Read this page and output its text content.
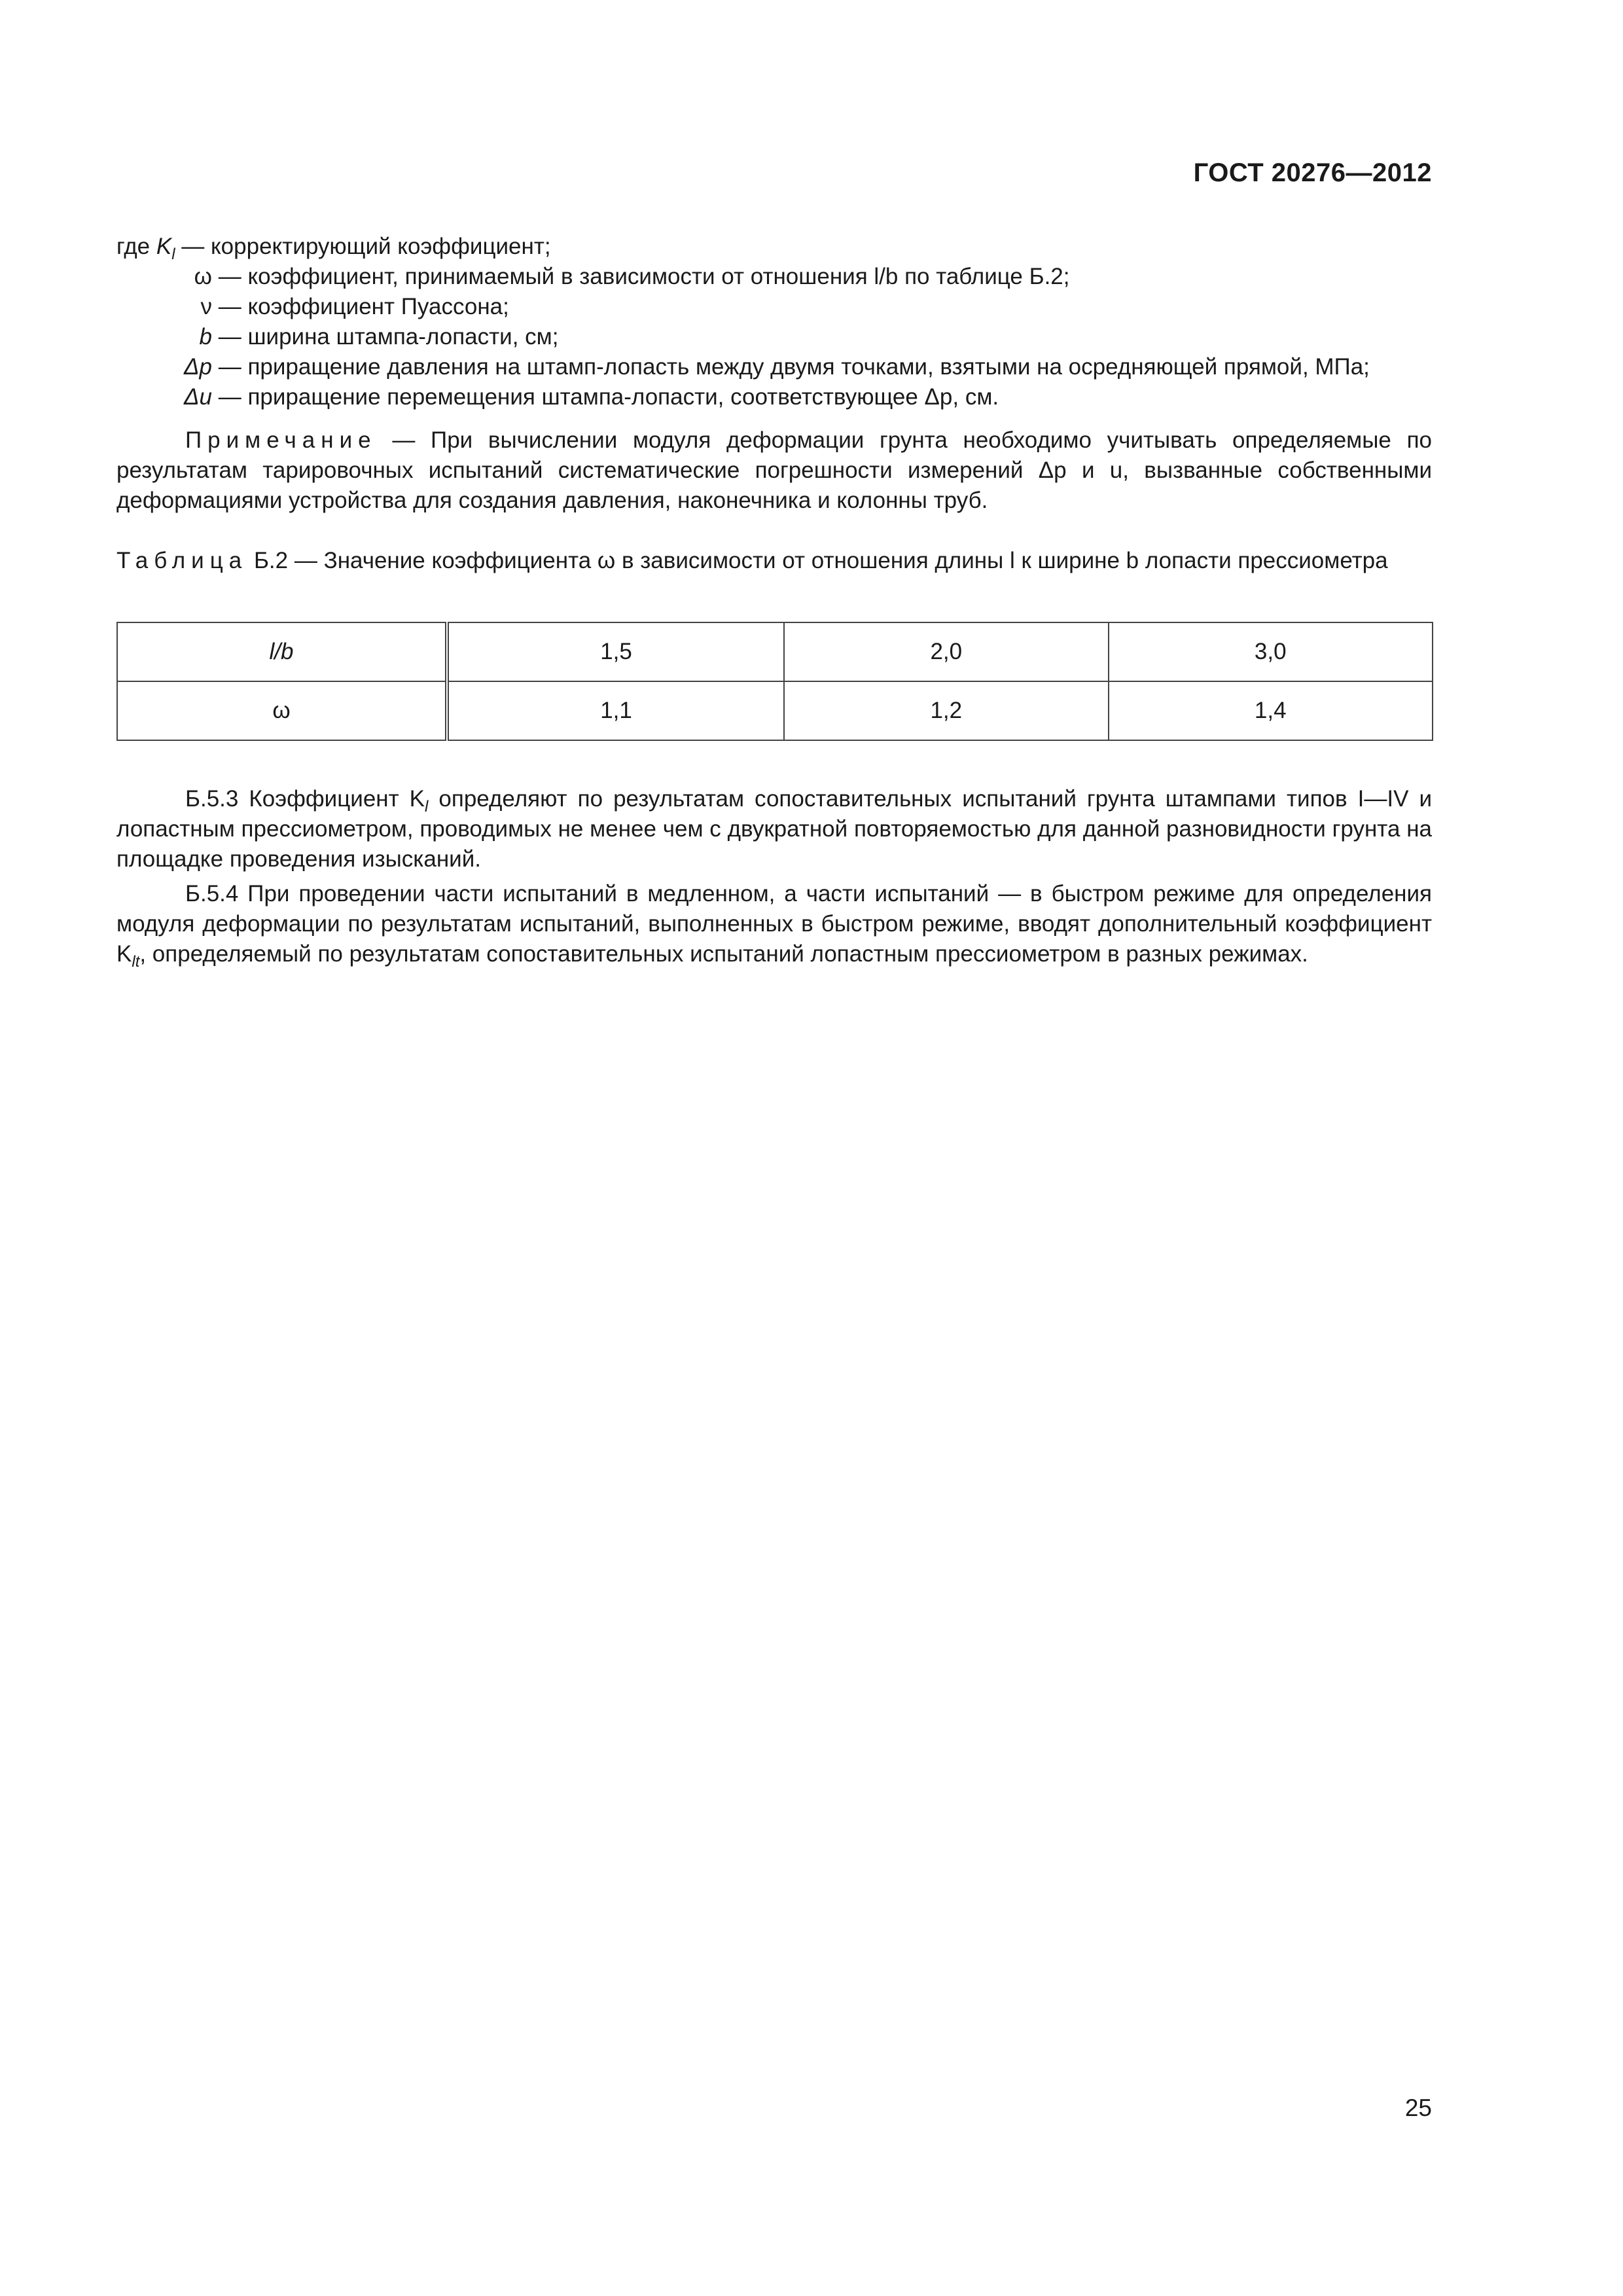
ГОСТ 20276—2012
где $K_l$ — корректирующий коэффициент;
ω — коэффициент, принимаемый в зависимости от отношения l/b по таблице Б.2;
ν — коэффициент Пуассона;
b — ширина штампа-лопасти, см;
Δp — приращение давления на штамп-лопасть между двумя точками, взятыми на осредняющей прямой, МПа;
Δu — приращение перемещения штампа-лопасти, соответствующее Δp, см.
Примечание — При вычислении модуля деформации грунта необходимо учитывать определяемые по результатам тарировочных испытаний систематические погрешности измерений Δp и u, вызванные собственными деформациями устройства для создания давления, наконечника и колонны труб.
Таблица Б.2 — Значение коэффициента ω в зависимости от отношения длины l к ширине b лопасти прессиометра
l/b	1,5	2,0	3,0
ω	1,1	1,2	1,4
Б.5.3 Коэффициент $K_l$ определяют по результатам сопоставительных испытаний грунта штампами типов I—IV и лопастным прессиометром, проводимых не менее чем с двукратной повторяемостью для данной разновидности грунта на площадке проведения изысканий.
Б.5.4 При проведении части испытаний в медленном, а части испытаний — в быстром режиме для определения модуля деформации по результатам испытаний, выполненных в быстром режиме, вводят дополнительный коэффициент $K_{lt}$, определяемый по результатам сопоставительных испытаний лопастным прессиометром в разных режимах.
25
